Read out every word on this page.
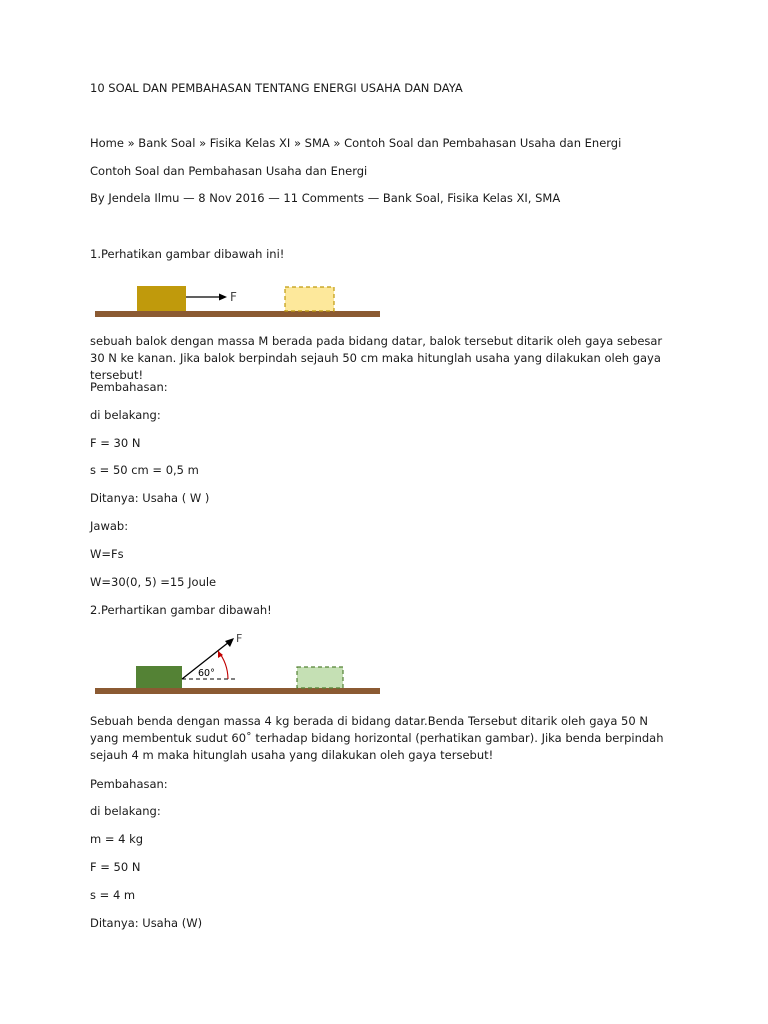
10 SOAL DAN PEMBAHASAN TENTANG ENERGI USAHA DAN DAYA
Home » Bank Soal » Fisika Kelas XI » SMA » Contoh Soal dan Pembahasan Usaha dan Energi
Contoh Soal dan Pembahasan Usaha dan Energi
By Jendela Ilmu — 8 Nov 2016 — 11 Comments — Bank Soal, Fisika Kelas XI, SMA
1.Perhatikan gambar dibawah ini!
F
sebuah balok dengan massa M berada pada bidang datar, balok tersebut ditarik oleh gaya sebesar 30 N ke kanan. Jika balok berpindah sejauh 50 cm maka hitunglah usaha yang dilakukan oleh gaya tersebut!
Pembahasan:
di belakang:
F = 30 N
s = 50 cm = 0,5 m
Ditanya: Usaha ( W )
Jawab:
W=Fs
W=30(0, 5) =15 Joule
2.Perhartikan gambar dibawah!
F
60°
Sebuah benda dengan massa 4 kg berada di bidang datar.Benda Tersebut ditarik oleh gaya 50 N yang membentuk sudut 60˚ terhadap bidang horizontal (perhatikan gambar). Jika benda berpindah sejauh 4 m maka hitunglah usaha yang dilakukan oleh gaya tersebut!
Pembahasan:
di belakang:
m = 4 kg
F = 50 N
s = 4 m
Ditanya: Usaha (W)
